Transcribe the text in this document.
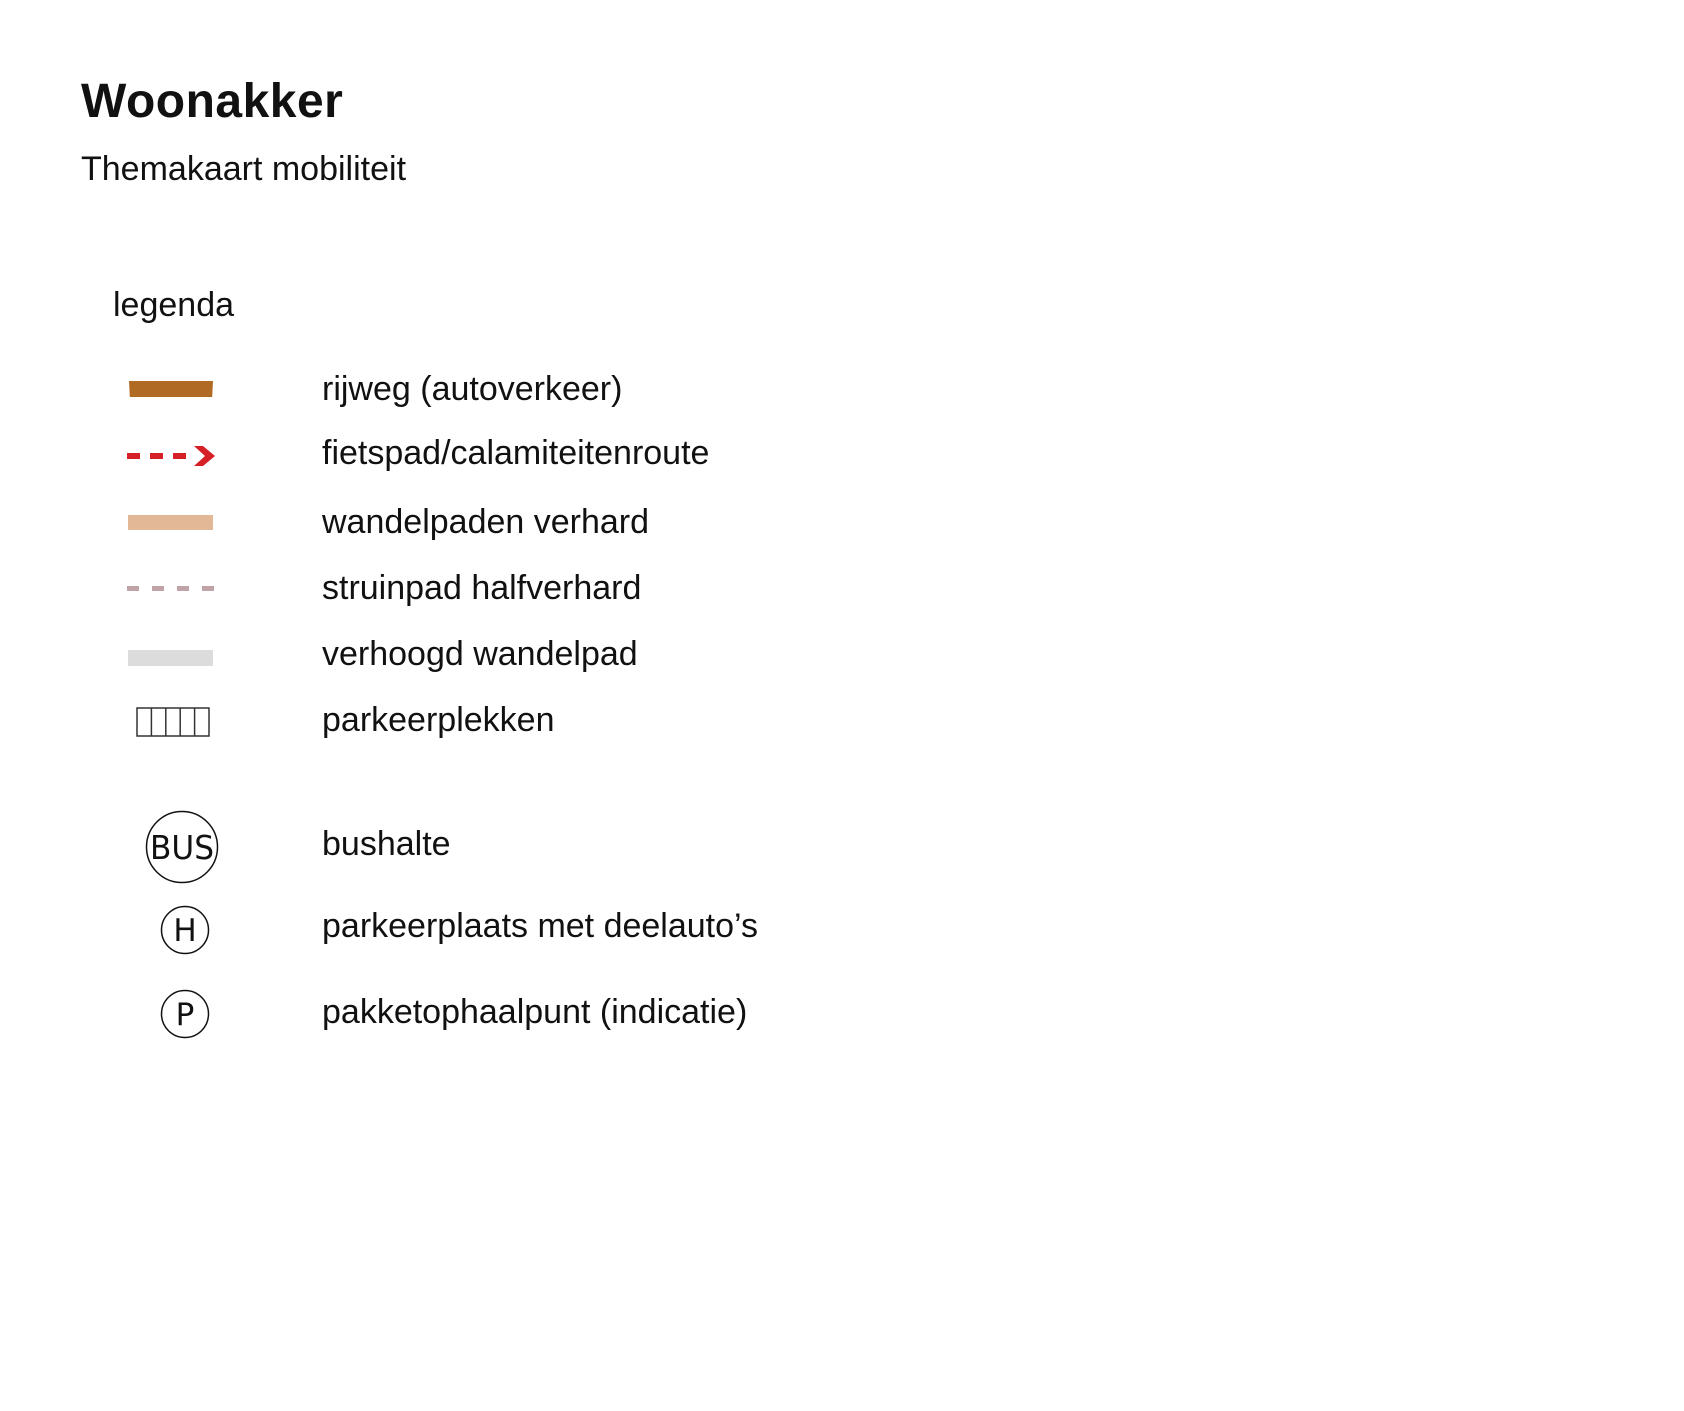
Woonakker
Themakaart mobiliteit
legenda
rijweg (autoverkeer)
fietspad/calamiteitenroute
wandelpaden verhard
struinpad halfverhard
verhoogd wandelpad
parkeerplekken
BUS	bushalte
H	parkeerplaats met deelauto’s
P	pakketophaalpunt (indicatie)
